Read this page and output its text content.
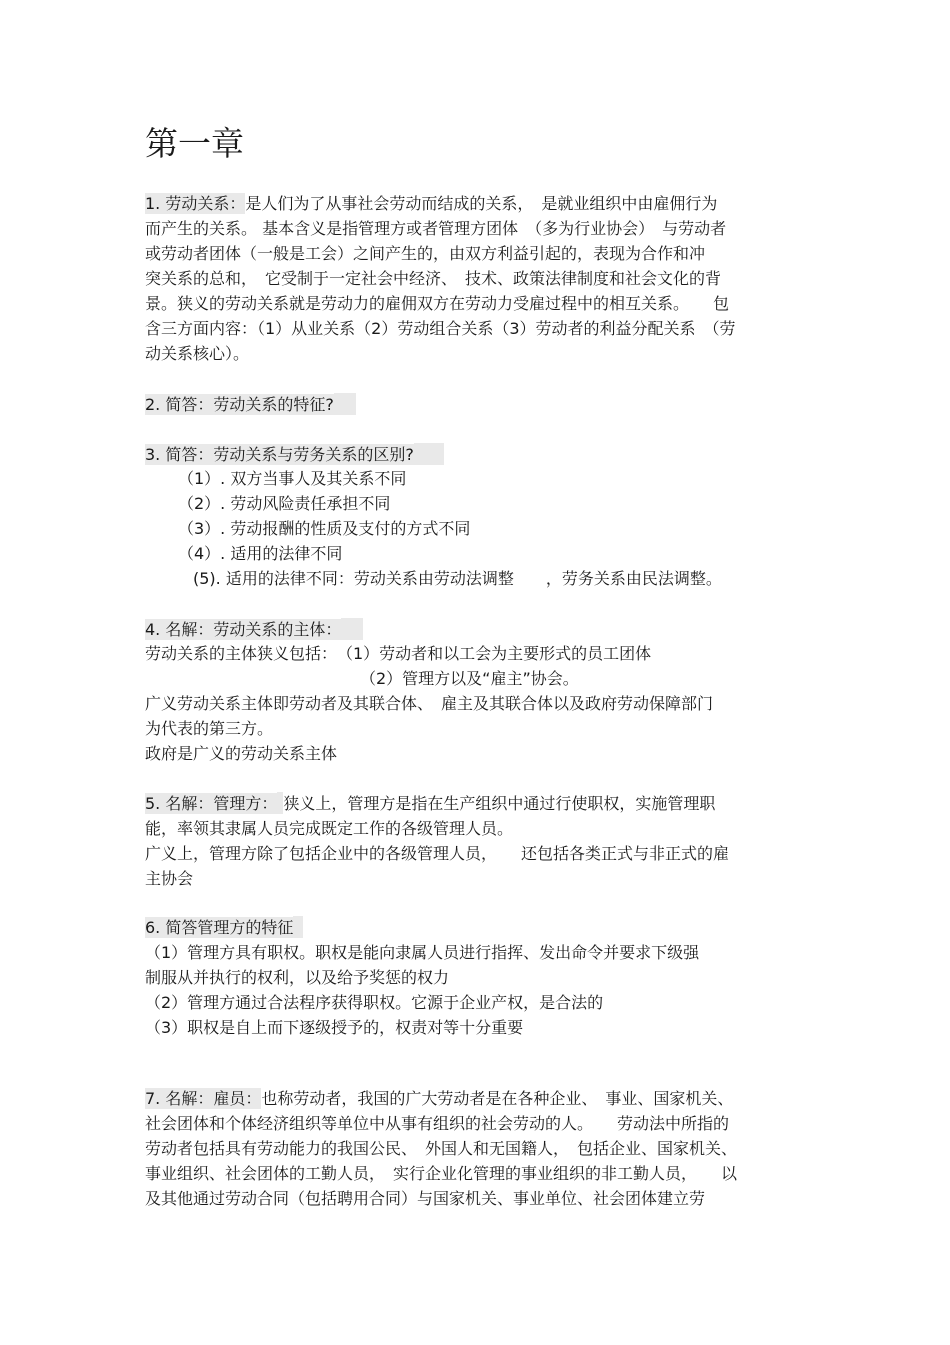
第一章
1. 劳动关系：是人们为了从事社会劳动而结成的关系，　是就业组织中由雇佣行为
而产生的关系。 基本含义是指管理方或者管理方团体　（多为行业协会）　与劳动者
或劳动者团体（一般是工会）之间产生的，由双方利益引起的，表现为合作和冲
突关系的总和，　它受制于一定社会中经济、　技术、政策法律制度和社会文化的背
景。狭义的劳动关系就是劳动力的雇佣双方在劳动力受雇过程中的相互关系。　　包
含三方面内容：（1）从业关系（2）劳动组合关系（3）劳动者的利益分配关系　（劳
动关系核心）。
2. 简答：劳动关系的特征?
3. 简答：劳动关系与劳务关系的区别?
（1）. 双方当事人及其关系不同
（2）. 劳动风险责任承担不同
（3）. 劳动报酬的性质及支付的方式不同
（4）. 适用的法律不同
(5). 适用的法律不同：劳动关系由劳动法调整　　，劳务关系由民法调整。
4. 名解：劳动关系的主体：
劳动关系的主体狭义包括：　（1）劳动者和以工会为主要形式的员工团体
（2）管理方以及“雇主”协会。
广义劳动关系主体即劳动者及其联合体、　雇主及其联合体以及政府劳动保障部门
为代表的第三方。
政府是广义的劳动关系主体
5. 名解：管理方： 狭义上，管理方是指在生产组织中通过行使职权，实施管理职
能，率领其隶属人员完成既定工作的各级管理人员。
广义上，管理方除了包括企业中的各级管理人员，　　还包括各类正式与非正式的雇
主协会
6. 简答管理方的特征
（1）管理方具有职权。职权是能向隶属人员进行指挥、发出命令并要求下级强
制服从并执行的权利，以及给予奖惩的权力
（2）管理方通过合法程序获得职权。它源于企业产权，是合法的
（3）职权是自上而下逐级授予的，权责对等十分重要
7. 名解：雇员：也称劳动者，我国的广大劳动者是在各种企业、　事业、国家机关、
社会团体和个体经济组织等单位中从事有组织的社会劳动的人。　　劳动法中所指的
劳动者包括具有劳动能力的我国公民、　外国人和无国籍人，　包括企业、国家机关、
事业组织、社会团体的工勤人员，　实行企业化管理的事业组织的非工勤人员，　　以
及其他通过劳动合同（包括聘用合同）与国家机关、事业单位、社会团体建立劳
